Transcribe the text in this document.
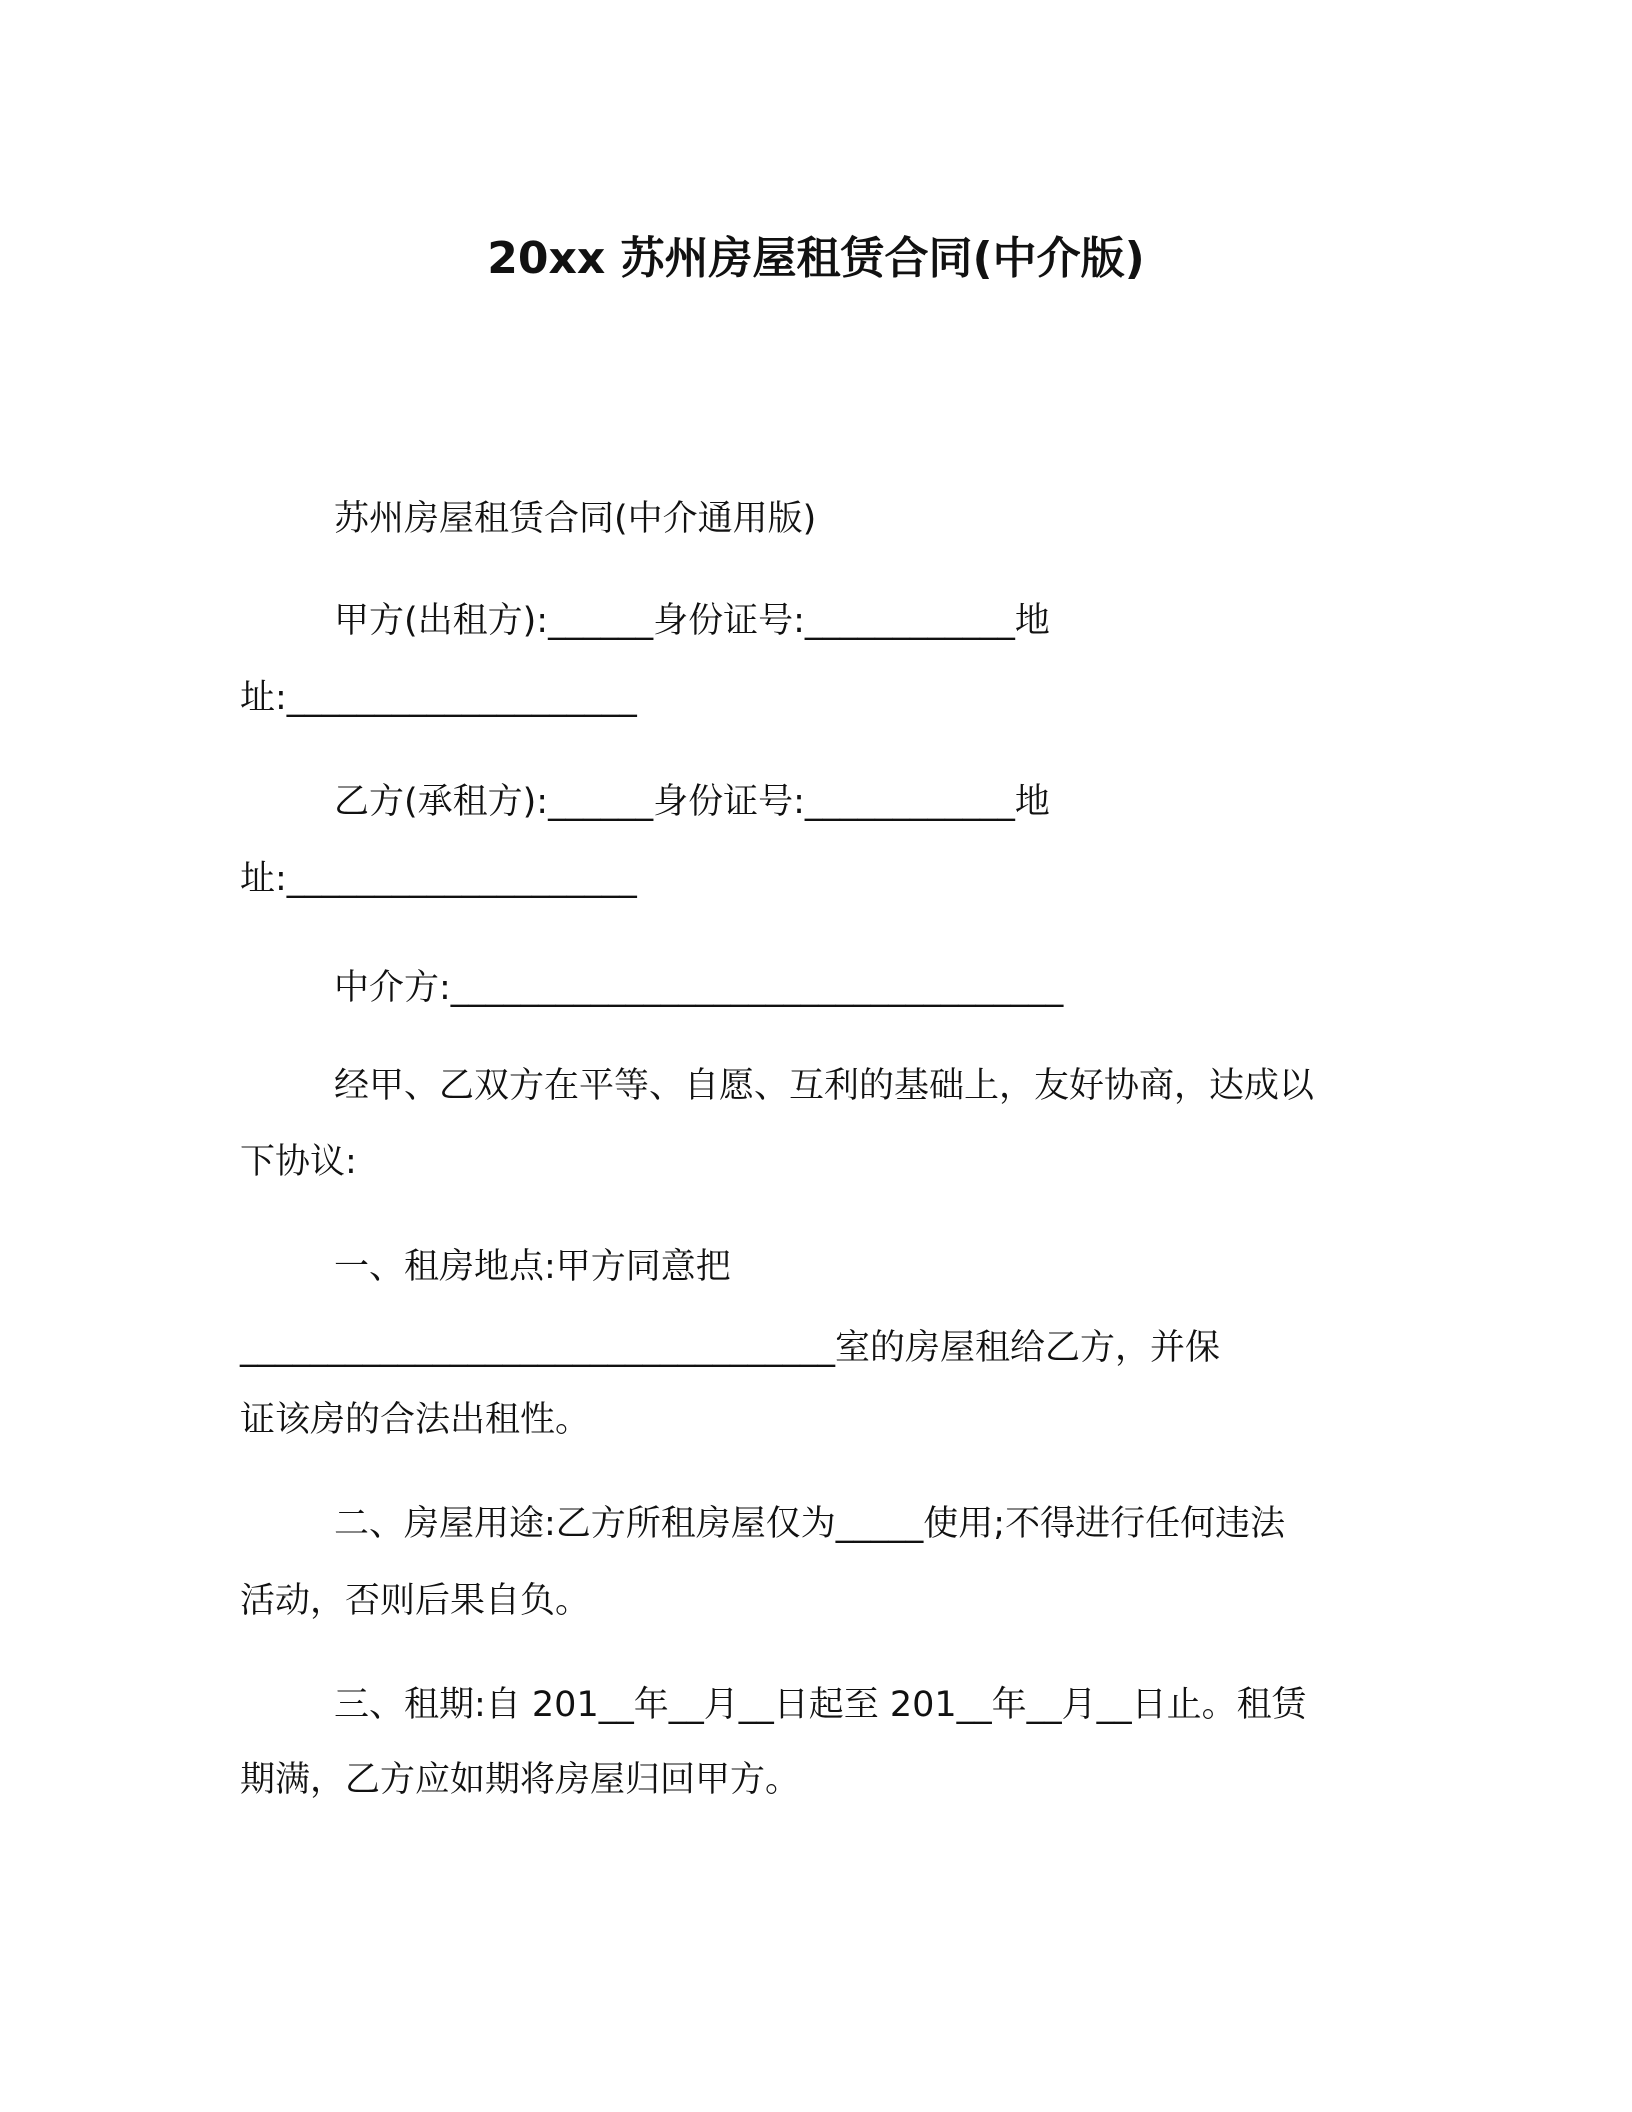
20xx 苏州房屋租赁合同(中介版)
苏州房屋租赁合同(中介通用版)
甲方(出租方):______身份证号:____________地
址:____________________
乙方(承租方):______身份证号:____________地
址:____________________
中介方:___________________________________
经甲、乙双方在平等、自愿、互利的基础上，友好协商，达成以
下协议:
一、租房地点:甲方同意把
__________________________________室的房屋租给乙方，并保
证该房的合法出租性。
二、房屋用途:乙方所租房屋仅为_____使用;不得进行任何违法
活动，否则后果自负。
三、租期:自 201__年__月__日起至 201__年__月__日止。租赁
期满，乙方应如期将房屋归回甲方。
